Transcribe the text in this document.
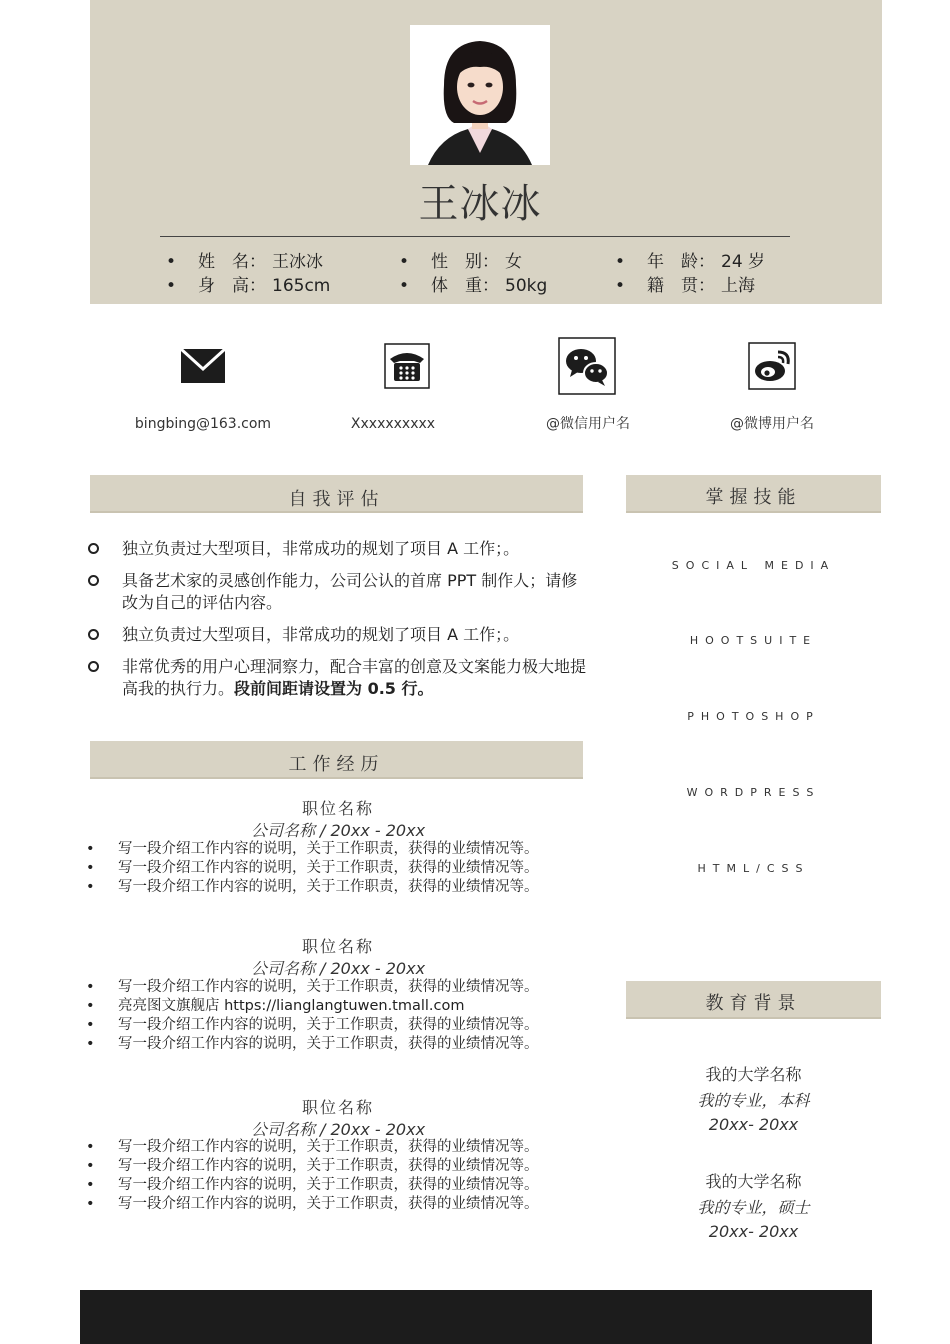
王冰冰
• 姓　名： 王冰冰	• 性　别： 女	• 年　龄： 24 岁
• 身　高： 165cm	• 体　重： 50kg	• 籍　贯： 上海
bingbing@163.com	Xxxxxxxxxx	@微信用户名	@微博用户名
自我评估
独立负责过大型项目，非常成功的规划了项目 A 工作；。
具备艺术家的灵感创作能力，公司公认的首席 PPT 制作人；请修改为自己的评估内容。
独立负责过大型项目，非常成功的规划了项目 A 工作；。
非常优秀的用户心理洞察力，配合丰富的创意及文案能力极大地提高我的执行力。段前间距请设置为 0.5 行。
工作经历
职位名称
公司名称 / 20xx - 20xx
• 写一段介绍工作内容的说明，关于工作职责，获得的业绩情况等。
• 写一段介绍工作内容的说明，关于工作职责，获得的业绩情况等。
• 写一段介绍工作内容的说明，关于工作职责，获得的业绩情况等。
职位名称
公司名称 / 20xx - 20xx
• 写一段介绍工作内容的说明，关于工作职责，获得的业绩情况等。
• 亮亮图文旗舰店 https://lianglangtuwen.tmall.com
• 写一段介绍工作内容的说明，关于工作职责，获得的业绩情况等。
• 写一段介绍工作内容的说明，关于工作职责，获得的业绩情况等。
职位名称
公司名称 / 20xx - 20xx
• 写一段介绍工作内容的说明，关于工作职责，获得的业绩情况等。
• 写一段介绍工作内容的说明，关于工作职责，获得的业绩情况等。
• 写一段介绍工作内容的说明，关于工作职责，获得的业绩情况等。
• 写一段介绍工作内容的说明，关于工作职责，获得的业绩情况等。
掌握技能
SOCIAL MEDIA
HOOTSUITE
PHOTOSHOP
WORDPRESS
HTML/CSS
教育背景
我的大学名称
我的专业，本科
20xx- 20xx
我的大学名称
我的专业，硕士
20xx- 20xx
